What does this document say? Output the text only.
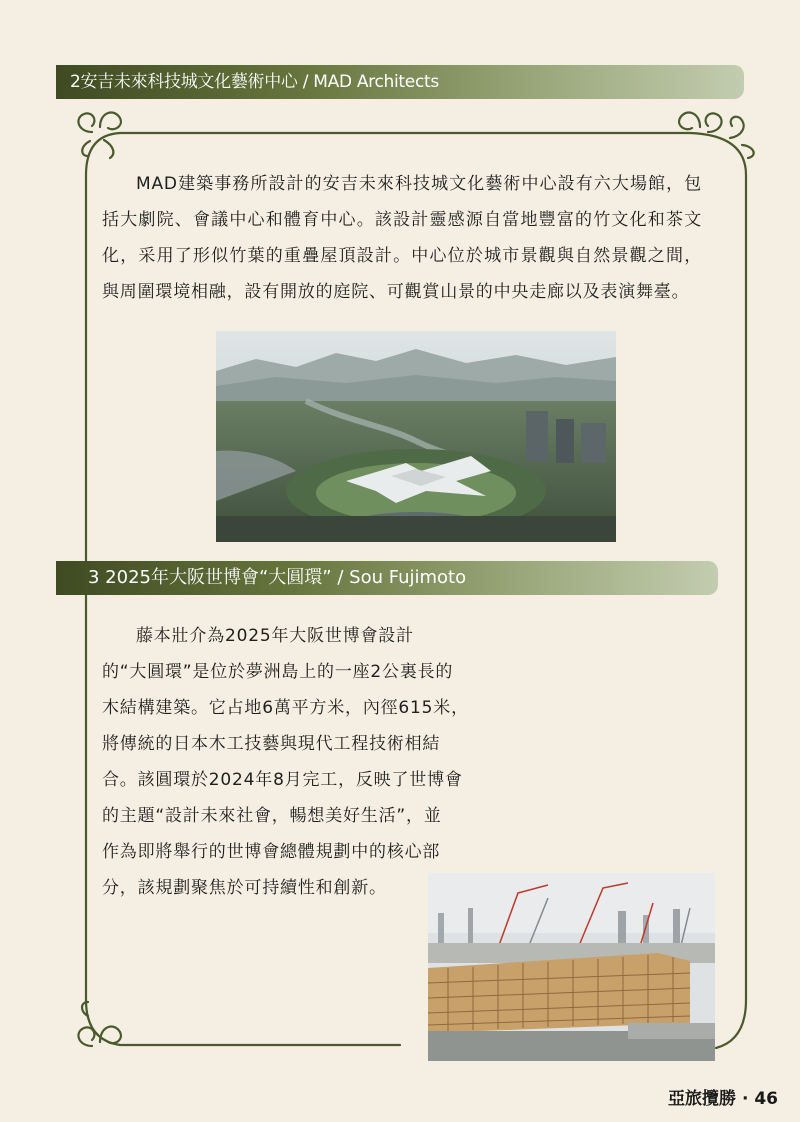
2安吉未來科技城文化藝術中心 / MAD Architects

MAD建築事務所設計的安吉未來科技城文化藝術中心設有六大場館，包括大劇院、會議中心和體育中心。該設計靈感源自當地豐富的竹文化和茶文化，采用了形似竹葉的重疊屋頂設計。中心位於城市景觀與自然景觀之間，與周圍環境相融，設有開放的庭院、可觀賞山景的中央走廊以及表演舞臺。

3 2025年大阪世博會“大圓環” / Sou Fujimoto

藤本壯介為2025年大阪世博會設計

的“大圓環”是位於夢洲島上的一座2公裏長的

木結構建築。它占地6萬平方米，內徑615米，

將傳統的日本木工技藝與現代工程技術相結

合。該圓環於2024年8月完工，反映了世博會

的主題“設計未來社會，暢想美好生活”，並

作為即將舉行的世博會總體規劃中的核心部

分，該規劃聚焦於可持續性和創新。

亞旅攬勝 · 46
